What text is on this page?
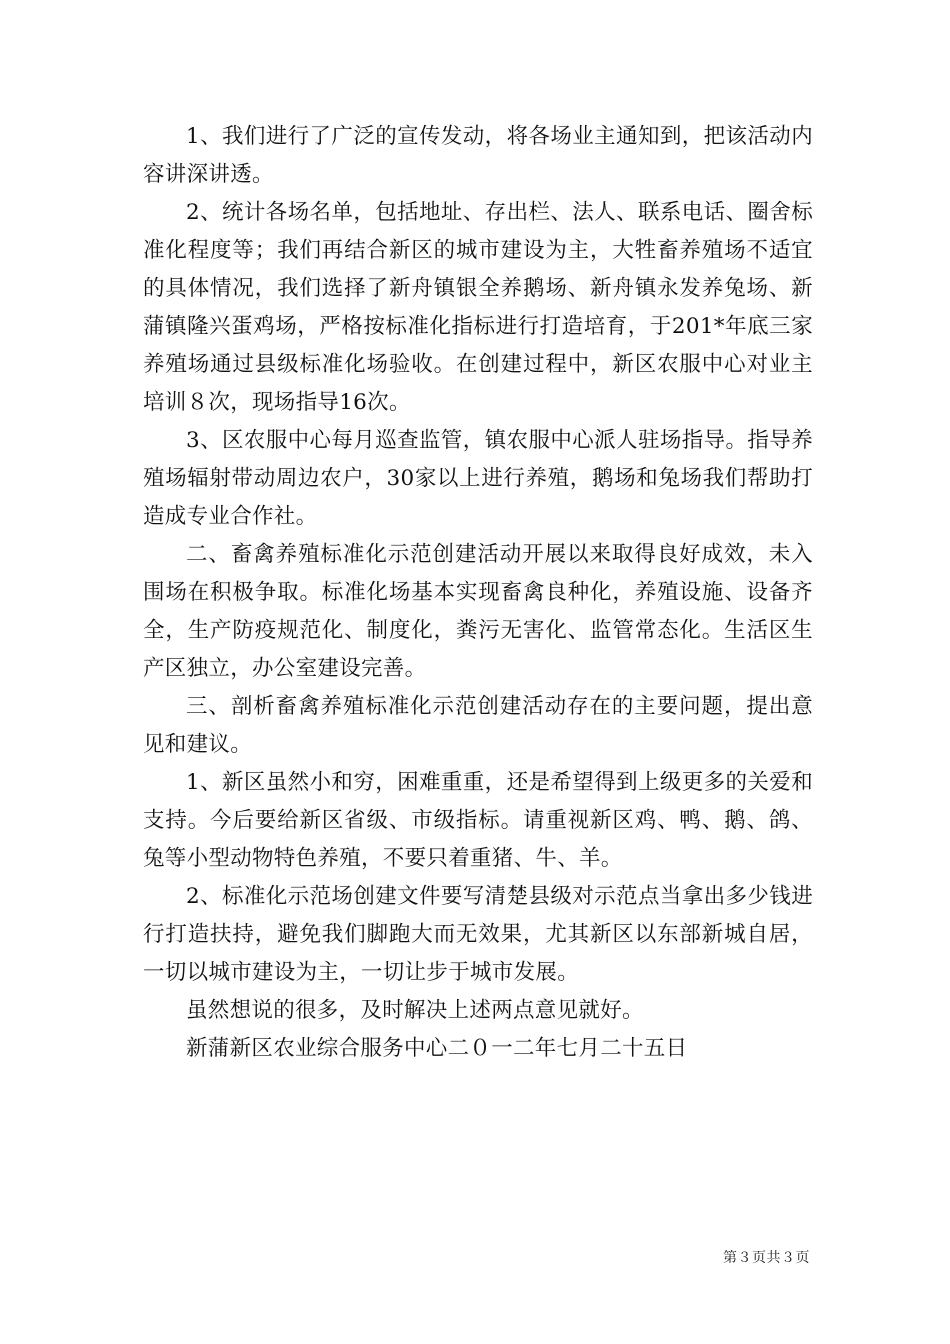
1、我们进行了广泛的宣传发动，将各场业主通知到，把该活动内容讲深讲透。

2、统计各场名单，包括地址、存出栏、法人、联系电话、圈舍标准化程度等；我们再结合新区的城市建设为主，大牲畜养殖场不适宜的具体情况，我们选择了新舟镇银全养鹅场、新舟镇永发养兔场、新蒲镇隆兴蛋鸡场，严格按标准化指标进行打造培育，于201*年底三家养殖场通过县级标准化场验收。在创建过程中，新区农服中心对业主培训８次，现场指导16次。

3、区农服中心每月巡查监管，镇农服中心派人驻场指导。指导养殖场辐射带动周边农户，30家以上进行养殖，鹅场和兔场我们帮助打造成专业合作社。

二、畜禽养殖标准化示范创建活动开展以来取得良好成效，未入围场在积极争取。标准化场基本实现畜禽良种化，养殖设施、设备齐全，生产防疫规范化、制度化，粪污无害化、监管常态化。生活区生产区独立，办公室建设完善。

三、剖析畜禽养殖标准化示范创建活动存在的主要问题，提出意见和建议。

1、新区虽然小和穷，困难重重，还是希望得到上级更多的关爱和支持。今后要给新区省级、市级指标。请重视新区鸡、鸭、鹅、鸽、兔等小型动物特色养殖，不要只着重猪、牛、羊。

2、标准化示范场创建文件要写清楚县级对示范点当拿出多少钱进行打造扶持，避免我们脚跑大而无效果，尤其新区以东部新城自居，一切以城市建设为主，一切让步于城市发展。

虽然想说的很多，及时解决上述两点意见就好。

新蒲新区农业综合服务中心二０一二年七月二十五日

第３页共３页
